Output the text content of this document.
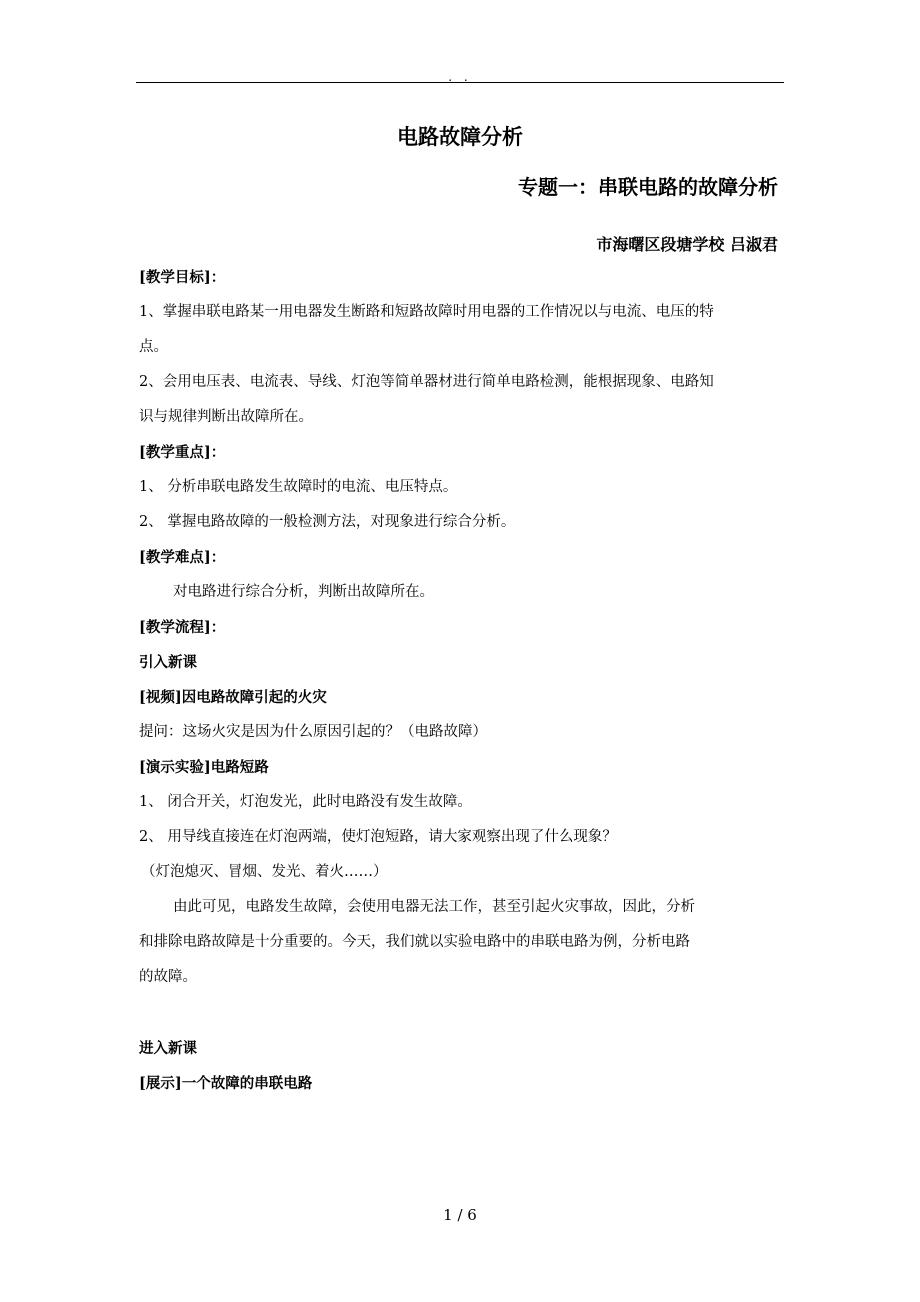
. .
电路故障分析
专题一：串联电路的故障分析
市海曙区段塘学校 吕淑君
[教学目标]：
1、掌握串联电路某一用电器发生断路和短路故障时用电器的工作情况以与电流、电压的特
点。
2、会用电压表、电流表、导线、灯泡等简单器材进行简单电路检测，能根据现象、电路知
识与规律判断出故障所在。
[教学重点]：
1、 分析串联电路发生故障时的电流、电压特点。
2、 掌握电路故障的一般检测方法，对现象进行综合分析。
[教学难点]：
对电路进行综合分析，判断出故障所在。
[教学流程]：
引入新课
[视频]因电路故障引起的火灾
提问：这场火灾是因为什么原因引起的？（电路故障）
[演示实验]电路短路
1、 闭合开关，灯泡发光，此时电路没有发生故障。
2、 用导线直接连在灯泡两端，使灯泡短路，请大家观察出现了什么现象？
（灯泡熄灭、冒烟、发光、着火……）
由此可见，电路发生故障，会使用电器无法工作，甚至引起火灾事故，因此，分析
和排除电路故障是十分重要的。今天，我们就以实验电路中的串联电路为例，分析电路
的故障。
进入新课
[展示]一个故障的串联电路
1 / 6
